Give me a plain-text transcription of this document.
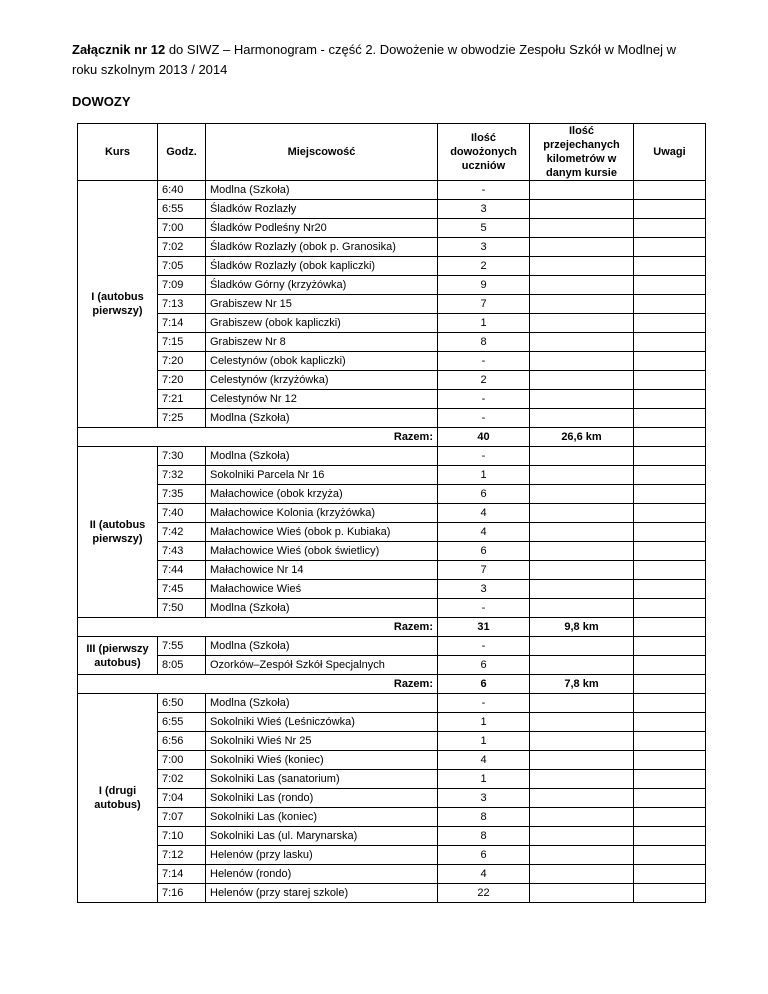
Załącznik nr 12 do SIWZ – Harmonogram - część 2. Dowożenie w obwodzie Zespołu Szkół w Modlnej w roku szkolnym 2013 / 2014
DOWOZY
Kurs	Godz.	Miejscowość	Ilość dowożonych uczniów	Ilość przejechanych kilometrów w danym kursie	Uwagi
I (autobus pierwszy)	6:40	Modlna (Szkoła)	-		
	6:55	Śladków Rozlazły	3		
	7:00	Śladków Podleśny Nr20	5		
	7:02	Śladków Rozlazły (obok p. Granosika)	3		
	7:05	Śladków Rozlazły (obok kapliczki)	2		
	7:09	Śladków Górny (krzyżówka)	9		
	7:13	Grabiszew Nr 15	7		
	7:14	Grabiszew (obok kapliczki)	1		
	7:15	Grabiszew Nr 8	8		
	7:20	Celestynów (obok kapliczki)	-		
	7:20	Celestynów (krzyżówka)	2		
	7:21	Celestynów Nr 12	-		
	7:25	Modlna (Szkoła)	-		
Razem:			40	26,6 km	
II (autobus pierwszy)	7:30	Modlna (Szkoła)	-		
	7:32	Sokolniki Parcela Nr 16	1		
	7:35	Małachowice (obok krzyża)	6		
	7:40	Małachowice Kolonia (krzyżówka)	4		
	7:42	Małachowice Wieś (obok p. Kubiaka)	4		
	7:43	Małachowice Wieś (obok świetlicy)	6		
	7:44	Małachowice Nr 14	7		
	7:45	Małachowice Wieś	3		
	7:50	Modlna (Szkoła)	-		
Razem:			31	9,8 km	
III (pierwszy autobus)	7:55	Modlna (Szkoła)	-		
	8:05	Ozorków–Zespół Szkół Specjalnych	6		
Razem:			6	7,8 km	
I (drugi autobus)	6:50	Modlna (Szkoła)	-		
	6:55	Sokolniki Wieś (Leśniczówka)	1		
	6:56	Sokolniki Wieś Nr 25	1		
	7:00	Sokolniki Wieś (koniec)	4		
	7:02	Sokolniki Las (sanatorium)	1		
	7:04	Sokolniki Las (rondo)	3		
	7:07	Sokolniki Las (koniec)	8		
	7:10	Sokolniki Las (ul. Marynarska)	8		
	7:12	Helenów (przy lasku)	6		
	7:14	Helenów (rondo)	4		
	7:16	Helenów (przy starej szkole)	22		
